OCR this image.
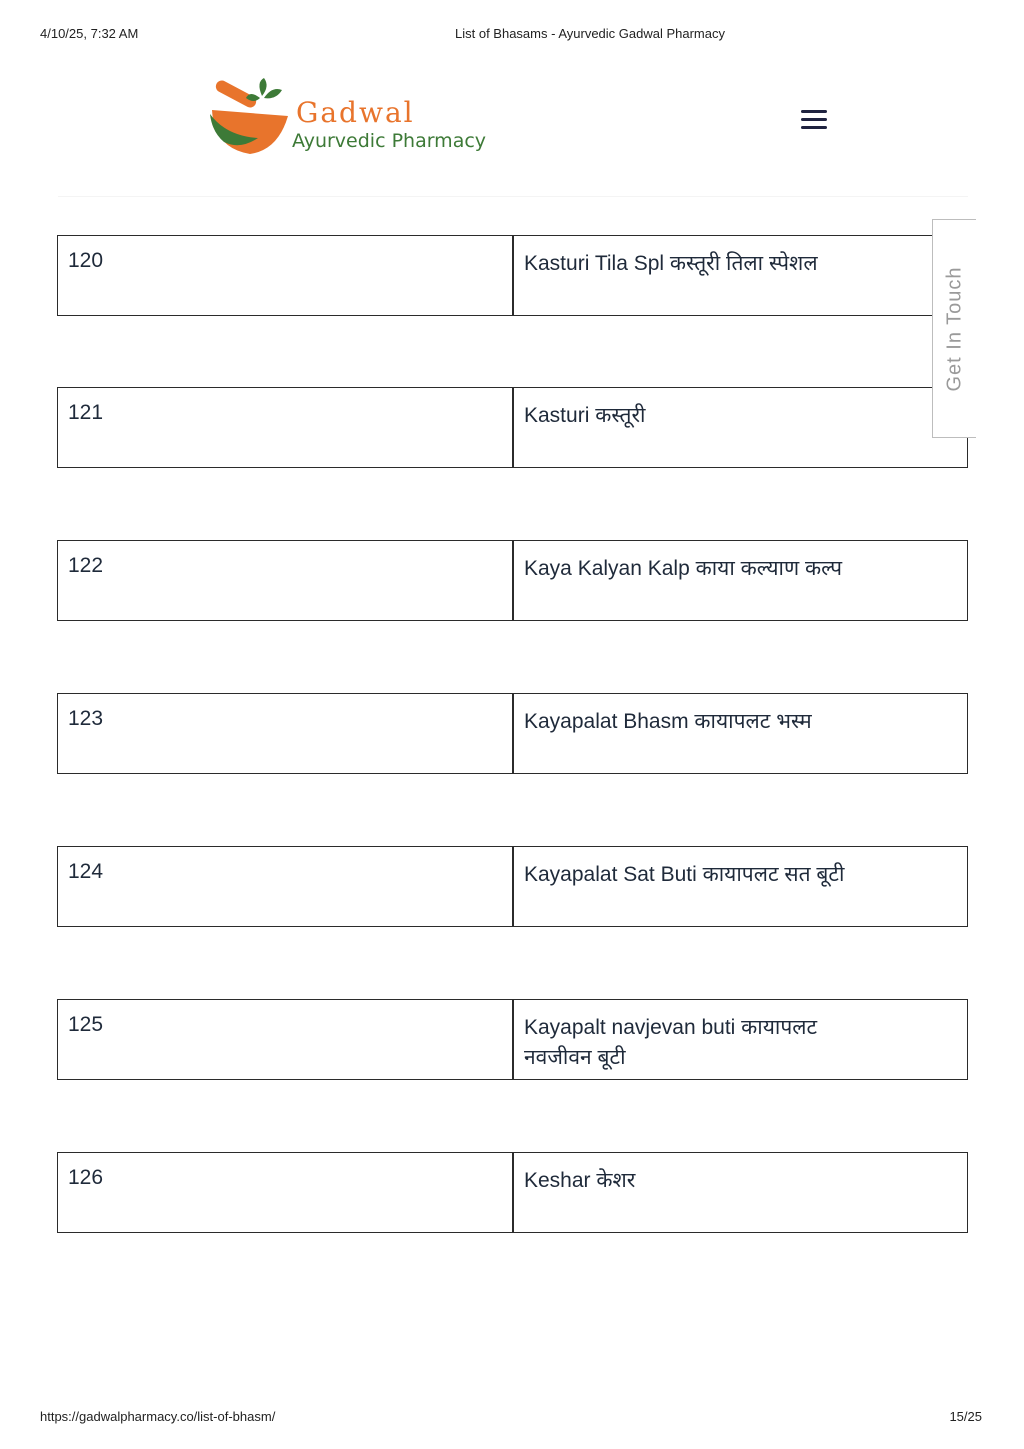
4/10/25, 7:32 AM	List of Bhasams - Ayurvedic Gadwal Pharmacy
Gadwal
Ayurvedic Pharmacy
120	Kasturi Tila Spl कस्तूरी तिला स्पेशल
121	Kasturi कस्तूरी
122	Kaya Kalyan Kalp काया कल्याण कल्प
123	Kayapalat Bhasm कायापलट भस्म
124	Kayapalat Sat Buti कायापलट सत बूटी
125	Kayapalt navjevan buti कायापलट नवजीवन बूटी
126	Keshar केशर
Get In Touch
https://gadwalpharmacy.co/list-of-bhasm/	15/25
